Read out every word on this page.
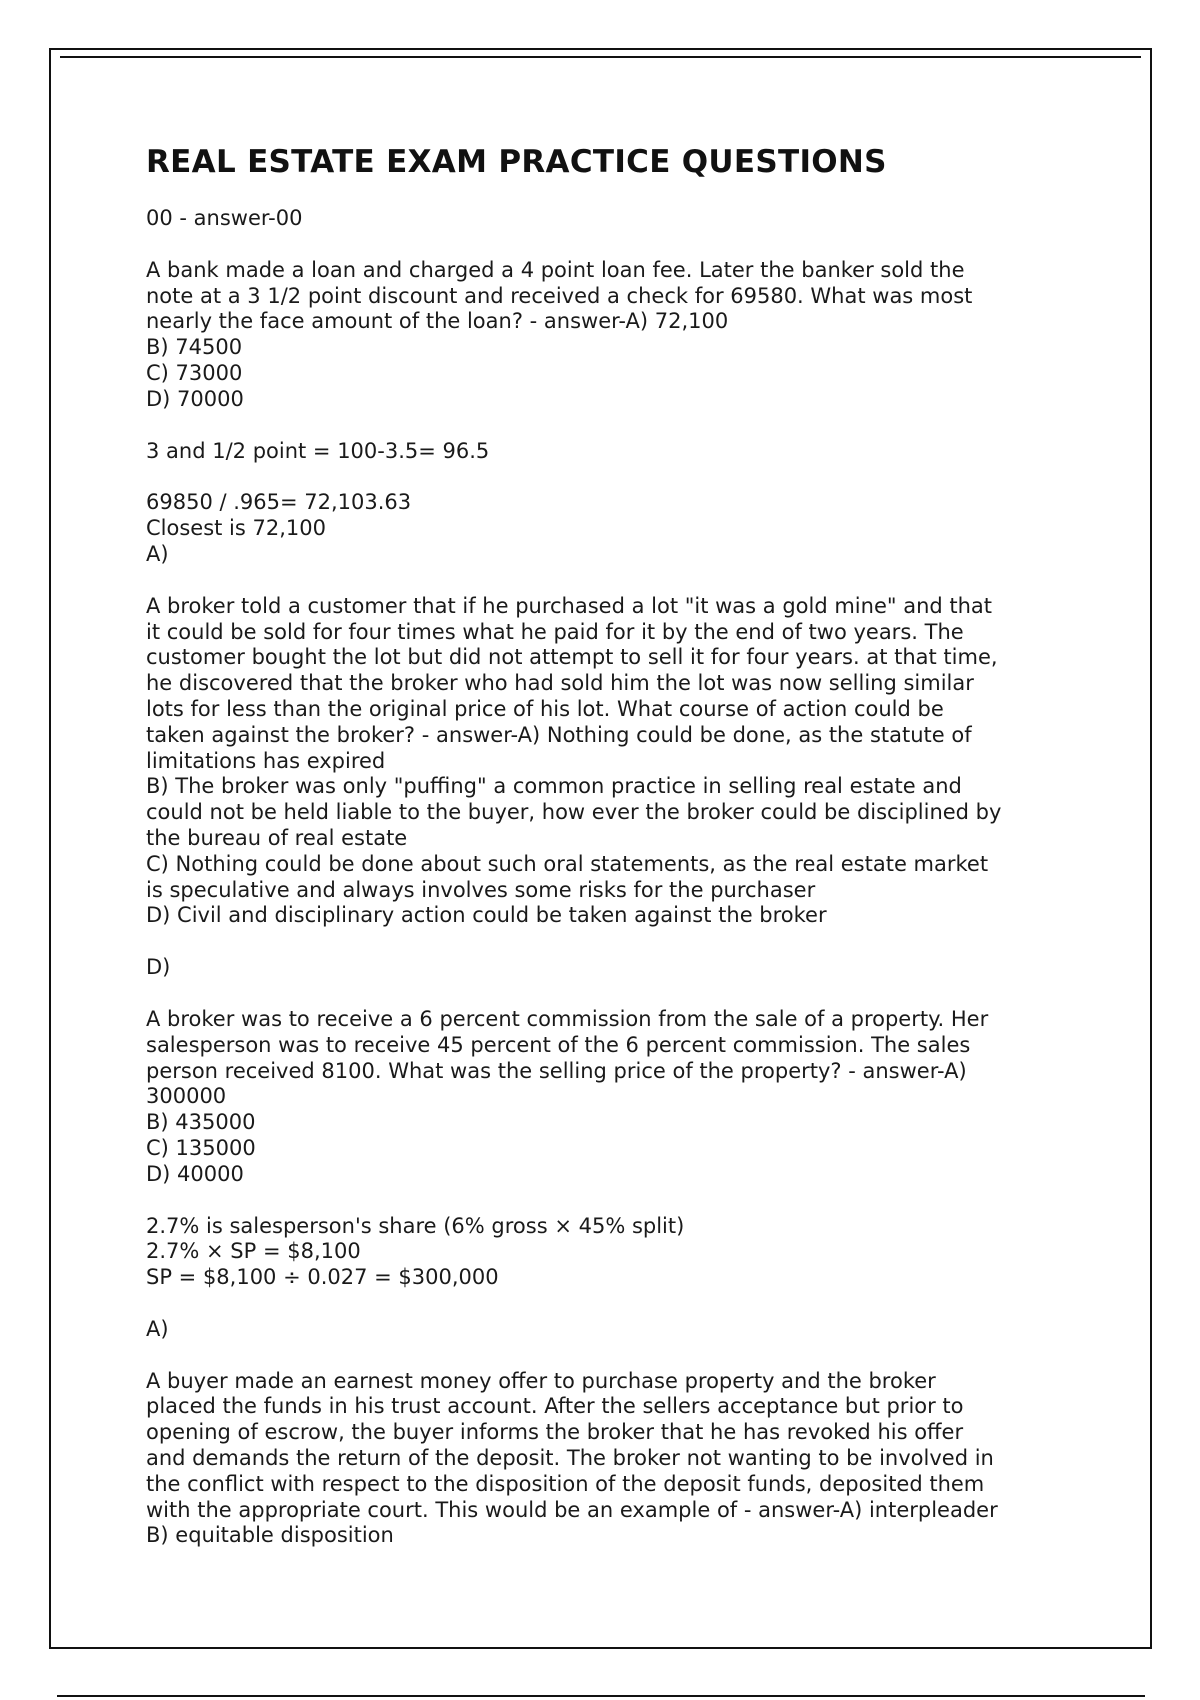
REAL ESTATE EXAM PRACTICE QUESTIONS
00 - answer-00
A bank made a loan and charged a 4 point loan fee. Later the banker sold the
note at a 3 1/2 point discount and received a check for 69580. What was most
nearly the face amount of the loan? - answer-A) 72,100
B) 74500
C) 73000
D) 70000
3 and 1/2 point = 100-3.5= 96.5
69850 / .965= 72,103.63
Closest is 72,100
A)
A broker told a customer that if he purchased a lot "it was a gold mine" and that
it could be sold for four times what he paid for it by the end of two years. The
customer bought the lot but did not attempt to sell it for four years. at that time,
he discovered that the broker who had sold him the lot was now selling similar
lots for less than the original price of his lot. What course of action could be
taken against the broker? - answer-A) Nothing could be done, as the statute of
limitations has expired
B) The broker was only "puffing" a common practice in selling real estate and
could not be held liable to the buyer, how ever the broker could be disciplined by
the bureau of real estate
C) Nothing could be done about such oral statements, as the real estate market
is speculative and always involves some risks for the purchaser
D) Civil and disciplinary action could be taken against the broker
D)
A broker was to receive a 6 percent commission from the sale of a property. Her
salesperson was to receive 45 percent of the 6 percent commission. The sales
person received 8100. What was the selling price of the property? - answer-A)
300000
B) 435000
C) 135000
D) 40000
2.7% is salesperson's share (6% gross × 45% split)
2.7% × SP = $8,100
SP = $8,100 ÷ 0.027 = $300,000
A)
A buyer made an earnest money offer to purchase property and the broker
placed the funds in his trust account. After the sellers acceptance but prior to
opening of escrow, the buyer informs the broker that he has revoked his offer
and demands the return of the deposit. The broker not wanting to be involved in
the conflict with respect to the disposition of the deposit funds, deposited them
with the appropriate court. This would be an example of - answer-A) interpleader
B) equitable disposition
